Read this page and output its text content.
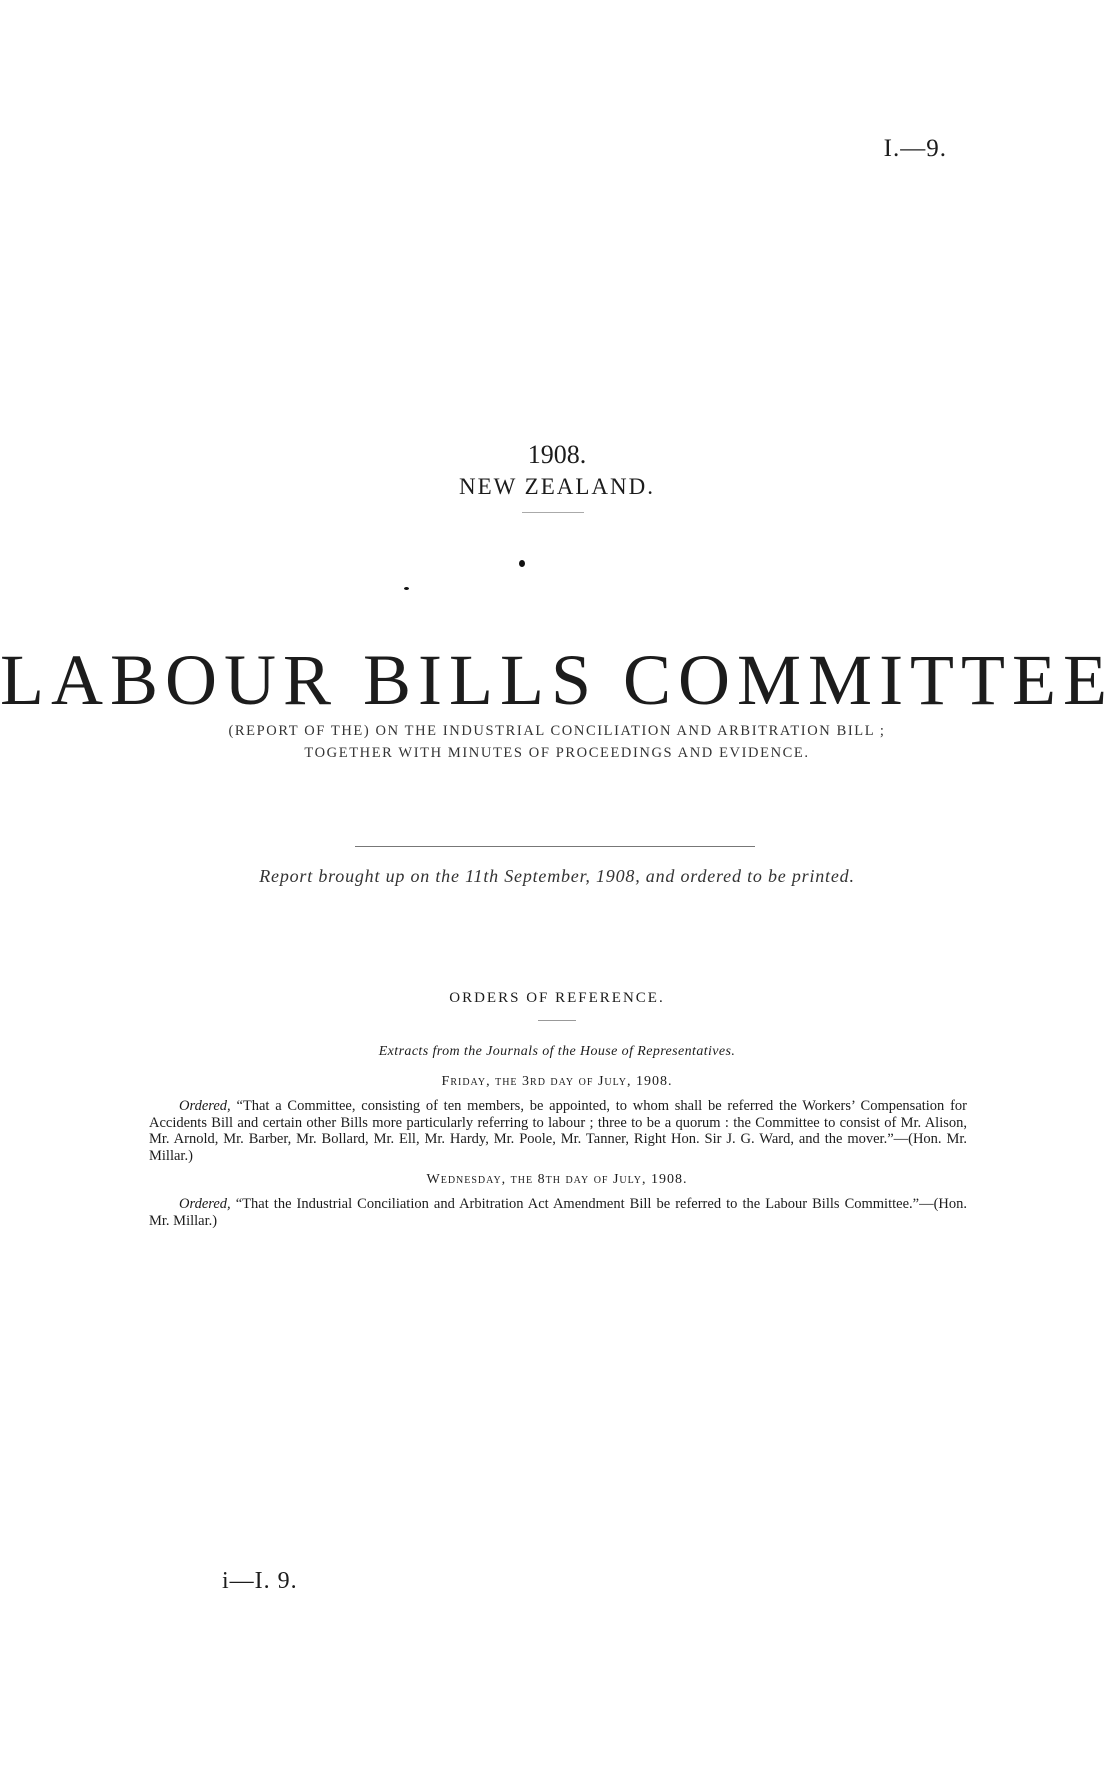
I.—9.
1908.
NEW ZEALAND.
LABOUR BILLS COMMITTEE
(REPORT OF THE) ON THE INDUSTRIAL CONCILIATION AND ARBITRATION BILL ;
TOGETHER WITH MINUTES OF PROCEEDINGS AND EVIDENCE.
Report brought up on the 11th September, 1908, and ordered to be printed.
ORDERS OF REFERENCE.
Extracts from the Journals of the House of Representatives.
Friday, the 3rd day of July, 1908.
Ordered, “That a Committee, consisting of ten members, be appointed, to whom shall be referred the Workers’ Compensation for Accidents Bill and certain other Bills more particularly referring to labour ; three to be a quorum : the Committee to consist of Mr. Alison, Mr. Arnold, Mr. Barber, Mr. Bollard, Mr. Ell, Mr. Hardy, Mr. Poole, Mr. Tanner, Right Hon. Sir J. G. Ward, and the mover.”—(Hon. Mr. Millar.)
Wednesday, the 8th day of July, 1908.
Ordered, “That the Industrial Conciliation and Arbitration Act Amendment Bill be referred to the Labour Bills Committee.”—(Hon. Mr. Millar.)
i—I. 9.
